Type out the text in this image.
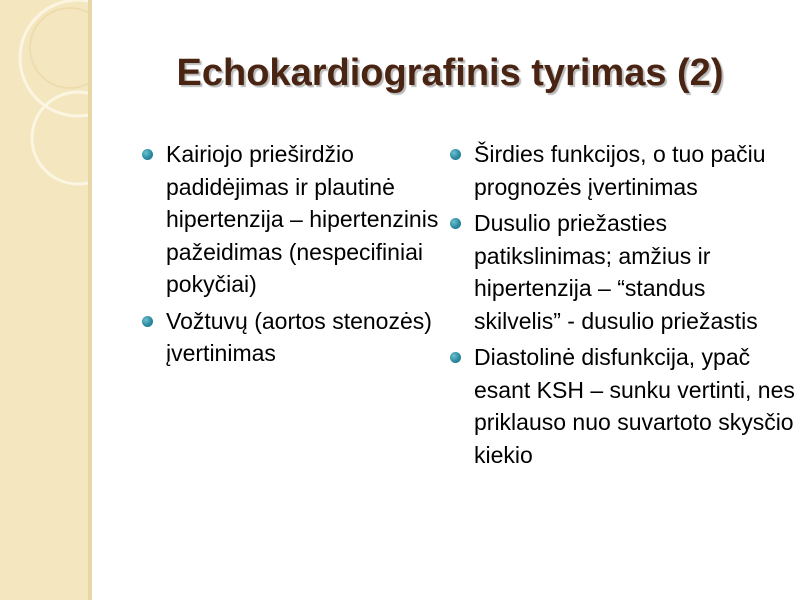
Echokardiografinis tyrimas (2)
Kairiojo prieširdžio padidėjimas ir plautinė hipertenzija – hipertenzinis pažeidimas (nespecifiniai pokyčiai)
Vožtuvų (aortos stenozės) įvertinimas
Širdies funkcijos, o tuo pačiu prognozės įvertinimas
Dusulio priežasties patikslinimas; amžius ir hipertenzija – “standus skilvelis” - dusulio priežastis
Diastolinė disfunkcija, ypač esant KSH – sunku vertinti, nes priklauso nuo suvartoto skysčio kiekio
